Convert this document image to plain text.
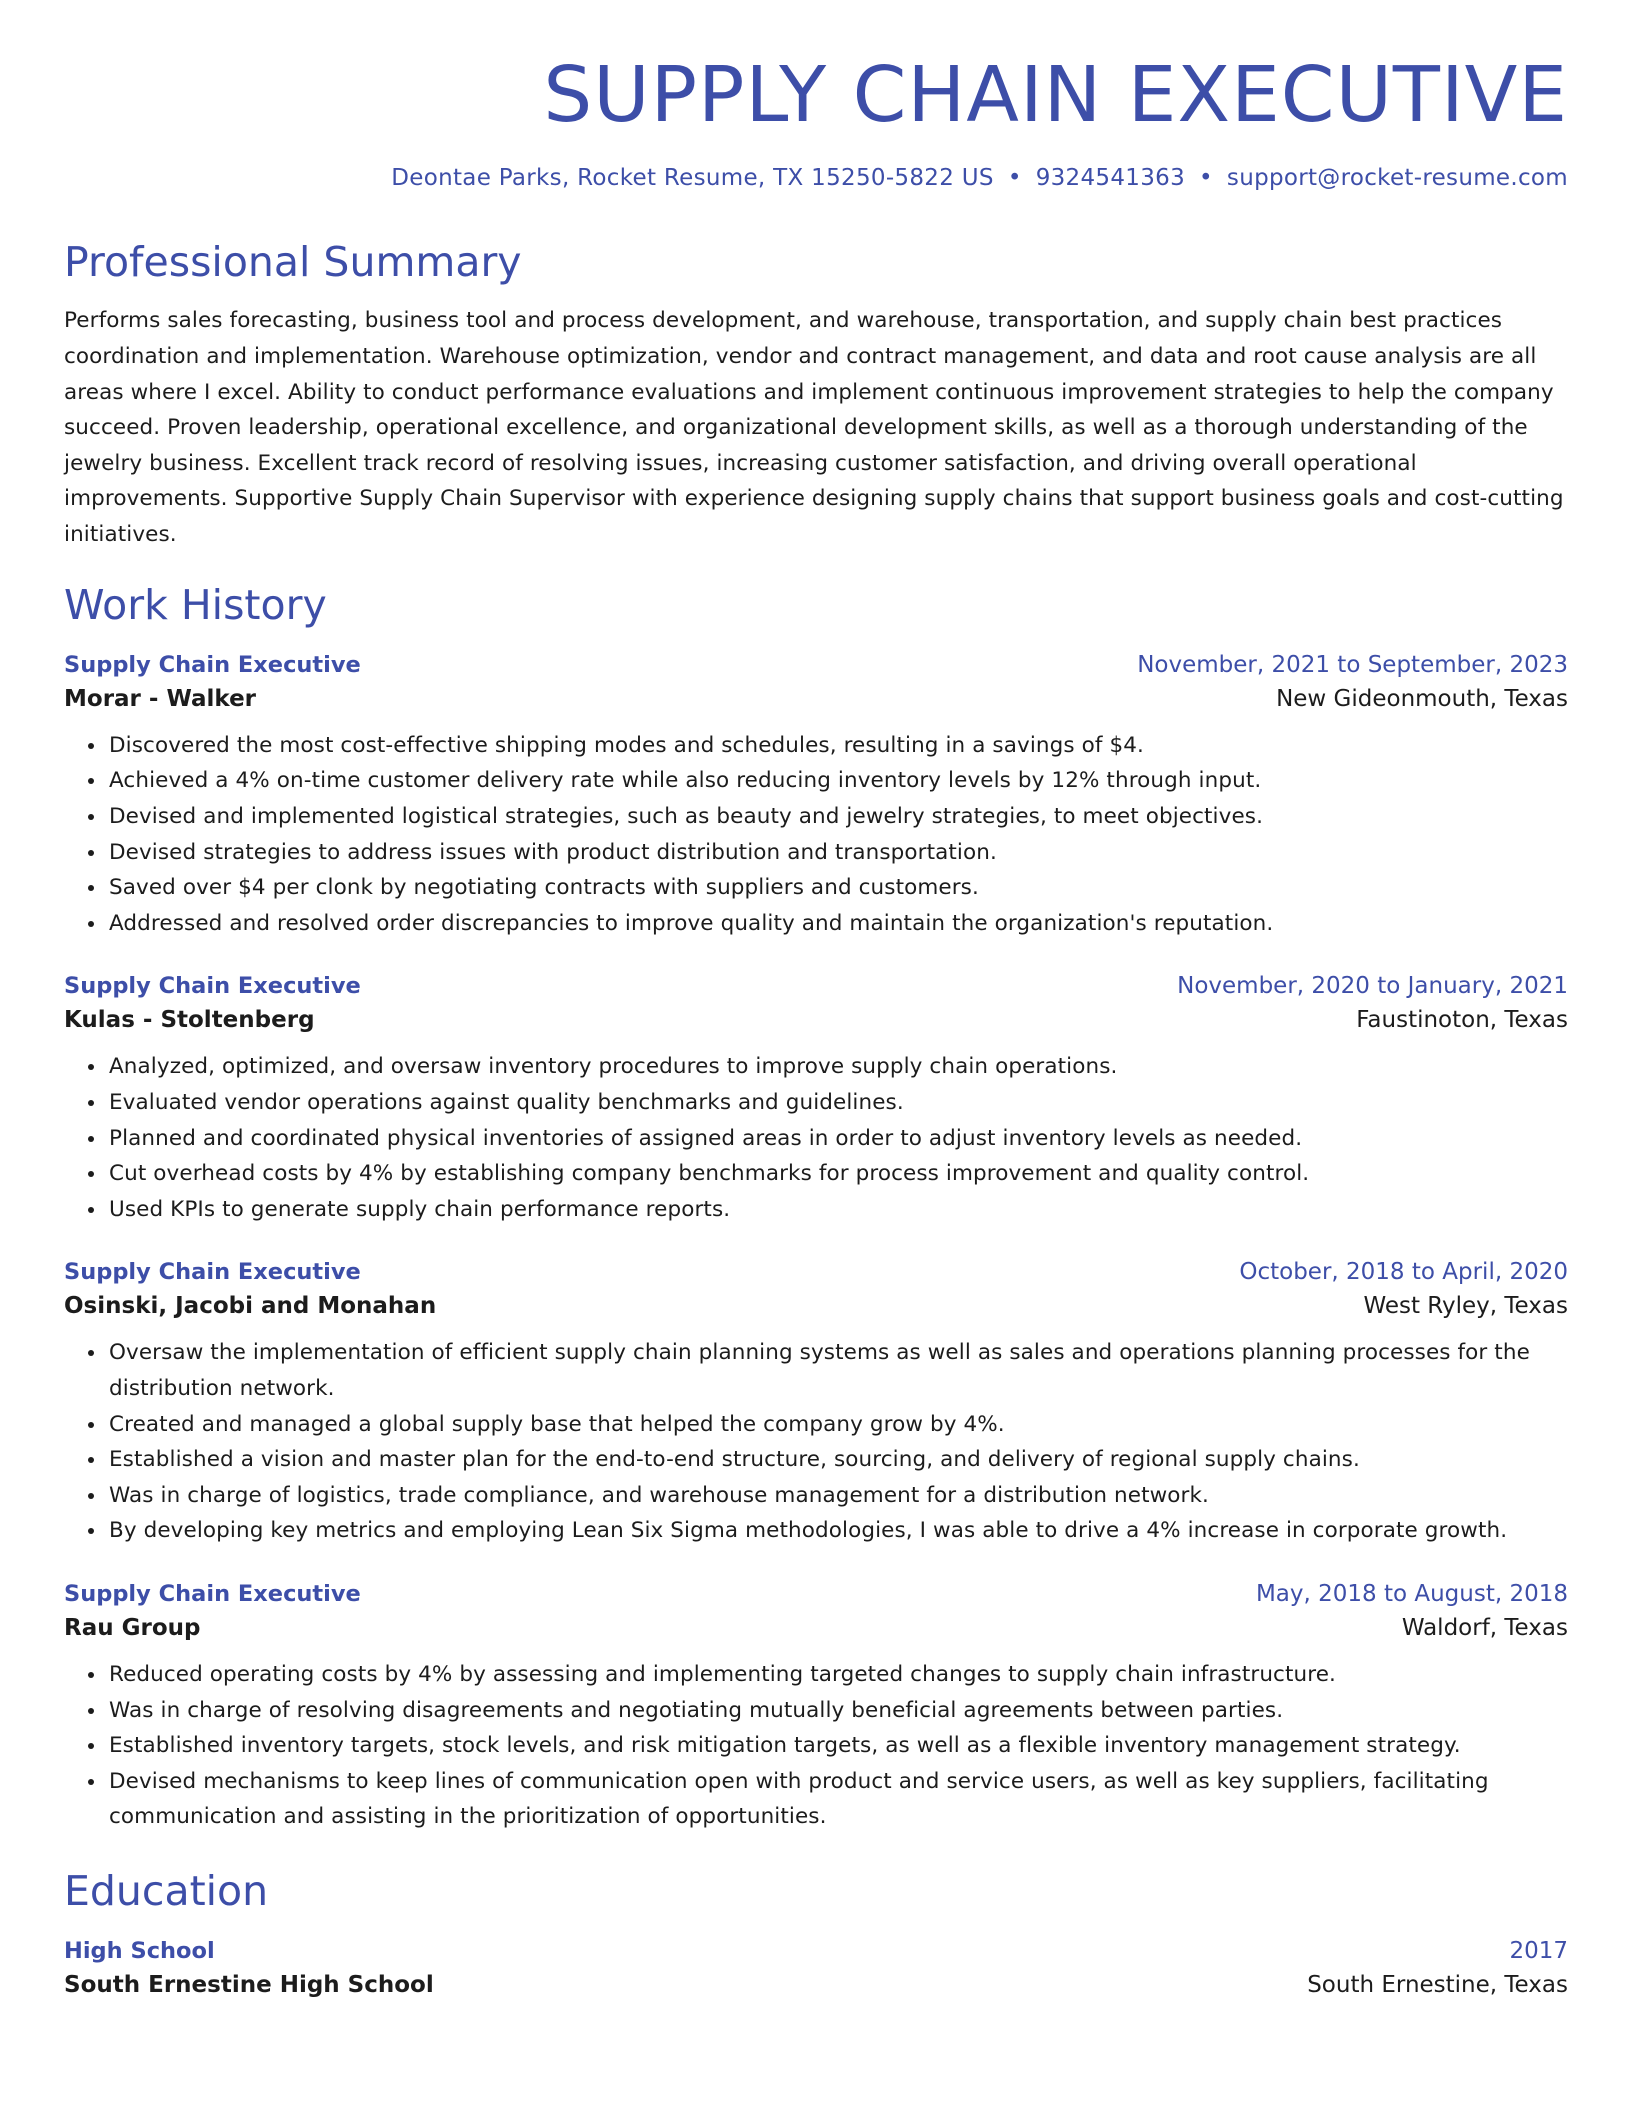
SUPPLY CHAIN EXECUTIVE
Deontae Parks, Rocket Resume, TX 15250-5822 US • 9324541363 • support@rocket-resume.com
Professional Summary

Performs sales forecasting, business tool and process development, and warehouse, transportation, and supply chain best practices coordination and implementation. Warehouse optimization, vendor and contract management, and data and root cause analysis are all areas where I excel. Ability to conduct performance evaluations and implement continuous improvement strategies to help the company succeed. Proven leadership, operational excellence, and organizational development skills, as well as a thorough understanding of the jewelry business. Excellent track record of resolving issues, increasing customer satisfaction, and driving overall operational improvements. Supportive Supply Chain Supervisor with experience designing supply chains that support business goals and cost-cutting initiatives.

Work History
Supply Chain Executive	November, 2021 to September, 2023
Morar - Walker	New Gideonmouth, Texas
• Discovered the most cost-effective shipping modes and schedules, resulting in a savings of $4.
• Achieved a 4% on-time customer delivery rate while also reducing inventory levels by 12% through input.
• Devised and implemented logistical strategies, such as beauty and jewelry strategies, to meet objectives.
• Devised strategies to address issues with product distribution and transportation.
• Saved over $4 per clonk by negotiating contracts with suppliers and customers.
• Addressed and resolved order discrepancies to improve quality and maintain the organization's reputation.
Supply Chain Executive	November, 2020 to January, 2021
Kulas - Stoltenberg	Faustinoton, Texas
• Analyzed, optimized, and oversaw inventory procedures to improve supply chain operations.
• Evaluated vendor operations against quality benchmarks and guidelines.
• Planned and coordinated physical inventories of assigned areas in order to adjust inventory levels as needed.
• Cut overhead costs by 4% by establishing company benchmarks for process improvement and quality control.
• Used KPIs to generate supply chain performance reports.
Supply Chain Executive	October, 2018 to April, 2020
Osinski, Jacobi and Monahan	West Ryley, Texas
• Oversaw the implementation of efficient supply chain planning systems as well as sales and operations planning processes for the distribution network.
• Created and managed a global supply base that helped the company grow by 4%.
• Established a vision and master plan for the end-to-end structure, sourcing, and delivery of regional supply chains.
• Was in charge of logistics, trade compliance, and warehouse management for a distribution network.
• By developing key metrics and employing Lean Six Sigma methodologies, I was able to drive a 4% increase in corporate growth.
Supply Chain Executive	May, 2018 to August, 2018
Rau Group	Waldorf, Texas
• Reduced operating costs by 4% by assessing and implementing targeted changes to supply chain infrastructure.
• Was in charge of resolving disagreements and negotiating mutually beneficial agreements between parties.
• Established inventory targets, stock levels, and risk mitigation targets, as well as a flexible inventory management strategy.
• Devised mechanisms to keep lines of communication open with product and service users, as well as key suppliers, facilitating communication and assisting in the prioritization of opportunities.
Education
High School	2017
South Ernestine High School	South Ernestine, Texas
